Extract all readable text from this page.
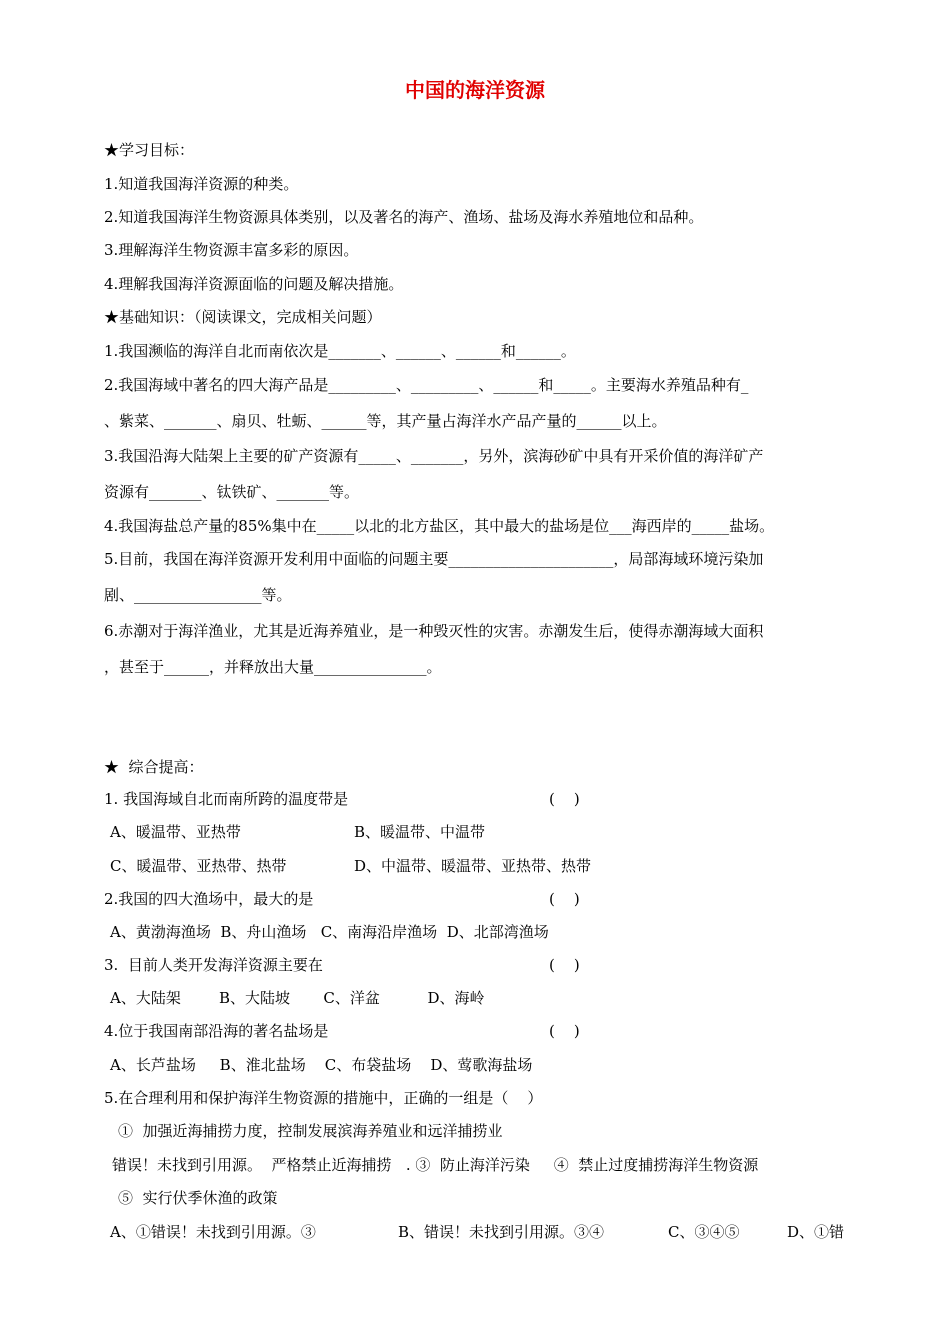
中国的海洋资源
★学习目标：
1.知道我国海洋资源的种类。
2.知道我国海洋生物资源具体类别，以及著名的海产、渔场、盐场及海水养殖地位和品种。
3.理解海洋生物资源丰富多彩的原因。
4.理解我国海洋资源面临的问题及解决措施。
★基础知识：（阅读课文，完成相关问题）
1.我国濒临的海洋自北而南依次是_______、______、______和______。
2.我国海域中著名的四大海产品是_________、_________、______和_____。主要海水养殖品种有_
、紫菜、_______、扇贝、牡蛎、______等，其产量占海洋水产品产量的______以上。
3.我国沿海大陆架上主要的矿产资源有_____、_______，另外，滨海砂矿中具有开采价值的海洋矿产
资源有_______、钛铁矿、_______等。
4.我国海盐总产量的85%集中在_____以北的北方盐区，其中最大的盐场是位___海西岸的_____盐场。
5.目前，我国在海洋资源开发利用中面临的问题主要______________________，局部海域环境污染加
剧、_________________等。
6.赤潮对于海洋渔业，尤其是近海养殖业，是一种毁灭性的灾害。赤潮发生后，使得赤潮海域大面积
，甚至于______，并释放出大量_______________。
★  综合提高：
1. 我国海域自北而南所跨的温度带是	(    )
A、暖温带、亚热带	B、暖温带、中温带
C、暖温带、亚热带、热带	D、中温带、暖温带、亚热带、热带
2.我国的四大渔场中，最大的是	(    )
A、黄渤海渔场  B、舟山渔场   C、南海沿岸渔场  D、北部湾渔场
3.  目前人类开发海洋资源主要在	(    )
A、大陆架        B、大陆坡       C、洋盆          D、海岭
4.位于我国南部沿海的著名盐场是	(    )
A、长芦盐场     B、淮北盐场    C、布袋盐场    D、莺歌海盐场
5.在合理利用和保护海洋生物资源的措施中，正确的一组是（    ）
①  加强近海捕捞力度，控制发展滨海养殖业和远洋捕捞业
错误！未找到引用源。  严格禁止近海捕捞   . ③  防止海洋污染     ④  禁止过度捕捞海洋生物资源
⑤  实行伏季休渔的政策
A、①错误！未找到引用源。③	B、错误！未找到引用源。③④	C、③④⑤	D、①错
